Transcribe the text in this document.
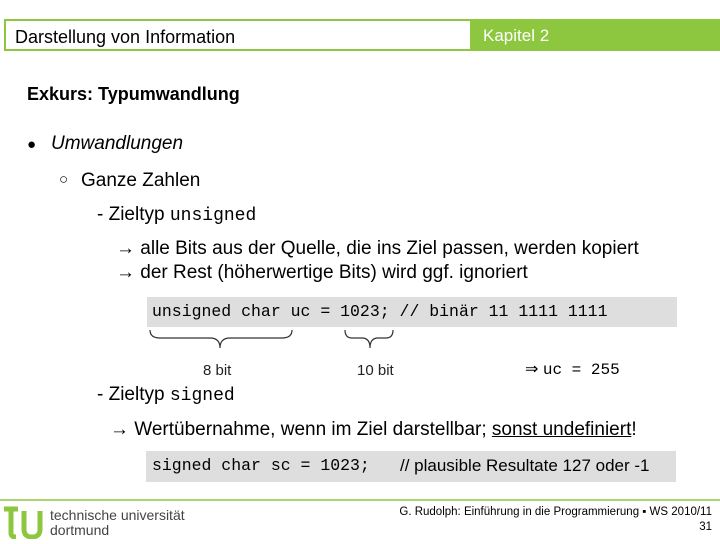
Darstellung von Information	Kapitel 2
Exkurs: Typumwandlung
● Umwandlungen
○ Ganze Zahlen
- Zieltyp unsigned
→ alle Bits aus der Quelle, die ins Ziel passen, werden kopiert
→ der Rest (höherwertige Bits) wird ggf. ignoriert
unsigned char uc = 1023; // binär 11 1111 1111
8 bit	10 bit	⇒ uc = 255
- Zieltyp signed
→ Wertübernahme, wenn im Ziel darstellbar; sonst undefiniert!
signed char sc = 1023; // plausible Resultate 127 oder -1
technische universität
dortmund
G. Rudolph: Einführung in die Programmierung ▪ WS 2010/11
31
